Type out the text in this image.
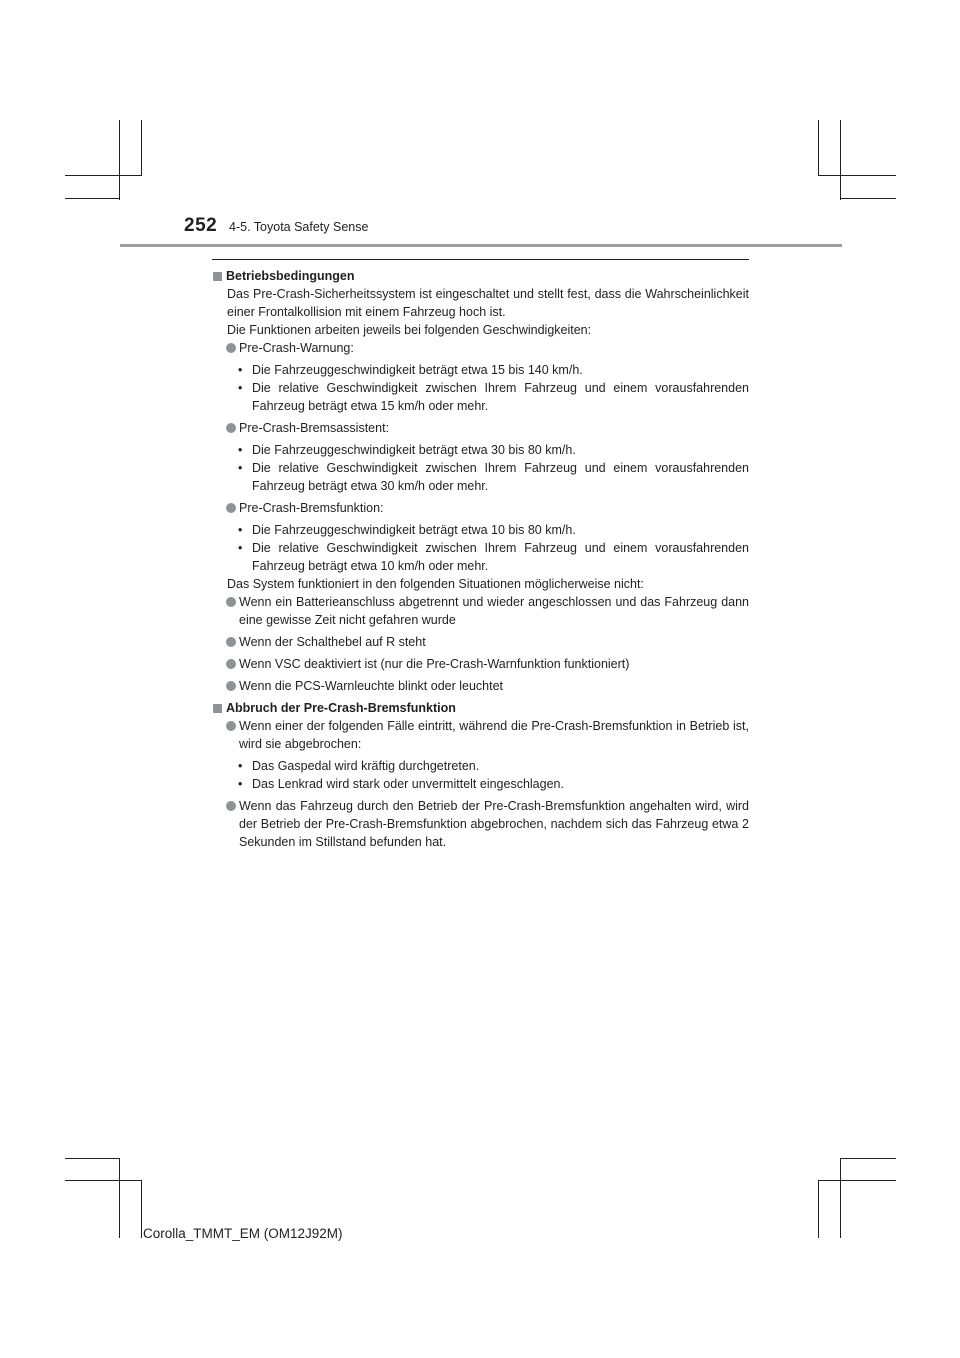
252 4-5. Toyota Safety Sense

Betriebsbedingungen

Das Pre-Crash-Sicherheitssystem ist eingeschaltet und stellt fest, dass die Wahrscheinlichkeit einer Frontalkollision mit einem Fahrzeug hoch ist.

Die Funktionen arbeiten jeweils bei folgenden Geschwindigkeiten:

Pre-Crash-Warnung:

• Die Fahrzeuggeschwindigkeit beträgt etwa 15 bis 140 km/h.

• Die relative Geschwindigkeit zwischen Ihrem Fahrzeug und einem vorausfahrenden Fahrzeug beträgt etwa 15 km/h oder mehr.

Pre-Crash-Bremsassistent:

• Die Fahrzeuggeschwindigkeit beträgt etwa 30 bis 80 km/h.

• Die relative Geschwindigkeit zwischen Ihrem Fahrzeug und einem vorausfahrenden Fahrzeug beträgt etwa 30 km/h oder mehr.

Pre-Crash-Bremsfunktion:

• Die Fahrzeuggeschwindigkeit beträgt etwa 10 bis 80 km/h.

• Die relative Geschwindigkeit zwischen Ihrem Fahrzeug und einem vorausfahrenden Fahrzeug beträgt etwa 10 km/h oder mehr.

Das System funktioniert in den folgenden Situationen möglicherweise nicht:

Wenn ein Batterieanschluss abgetrennt und wieder angeschlossen und das Fahrzeug dann eine gewisse Zeit nicht gefahren wurde
Wenn der Schalthebel auf R steht
Wenn VSC deaktiviert ist (nur die Pre-Crash-Warnfunktion funktioniert)
Wenn die PCS-Warnleuchte blinkt oder leuchtet

Abbruch der Pre-Crash-Bremsfunktion

Wenn einer der folgenden Fälle eintritt, während die Pre-Crash-Bremsfunktion in Betrieb ist, wird sie abgebrochen:

• Das Gaspedal wird kräftig durchgetreten.

• Das Lenkrad wird stark oder unvermittelt eingeschlagen.

Wenn das Fahrzeug durch den Betrieb der Pre-Crash-Bremsfunktion angehalten wird, wird der Betrieb der Pre-Crash-Bremsfunktion abgebrochen, nachdem sich das Fahrzeug etwa 2 Sekunden im Stillstand befunden hat.
Corolla_TMMT_EM (OM12J92M)
